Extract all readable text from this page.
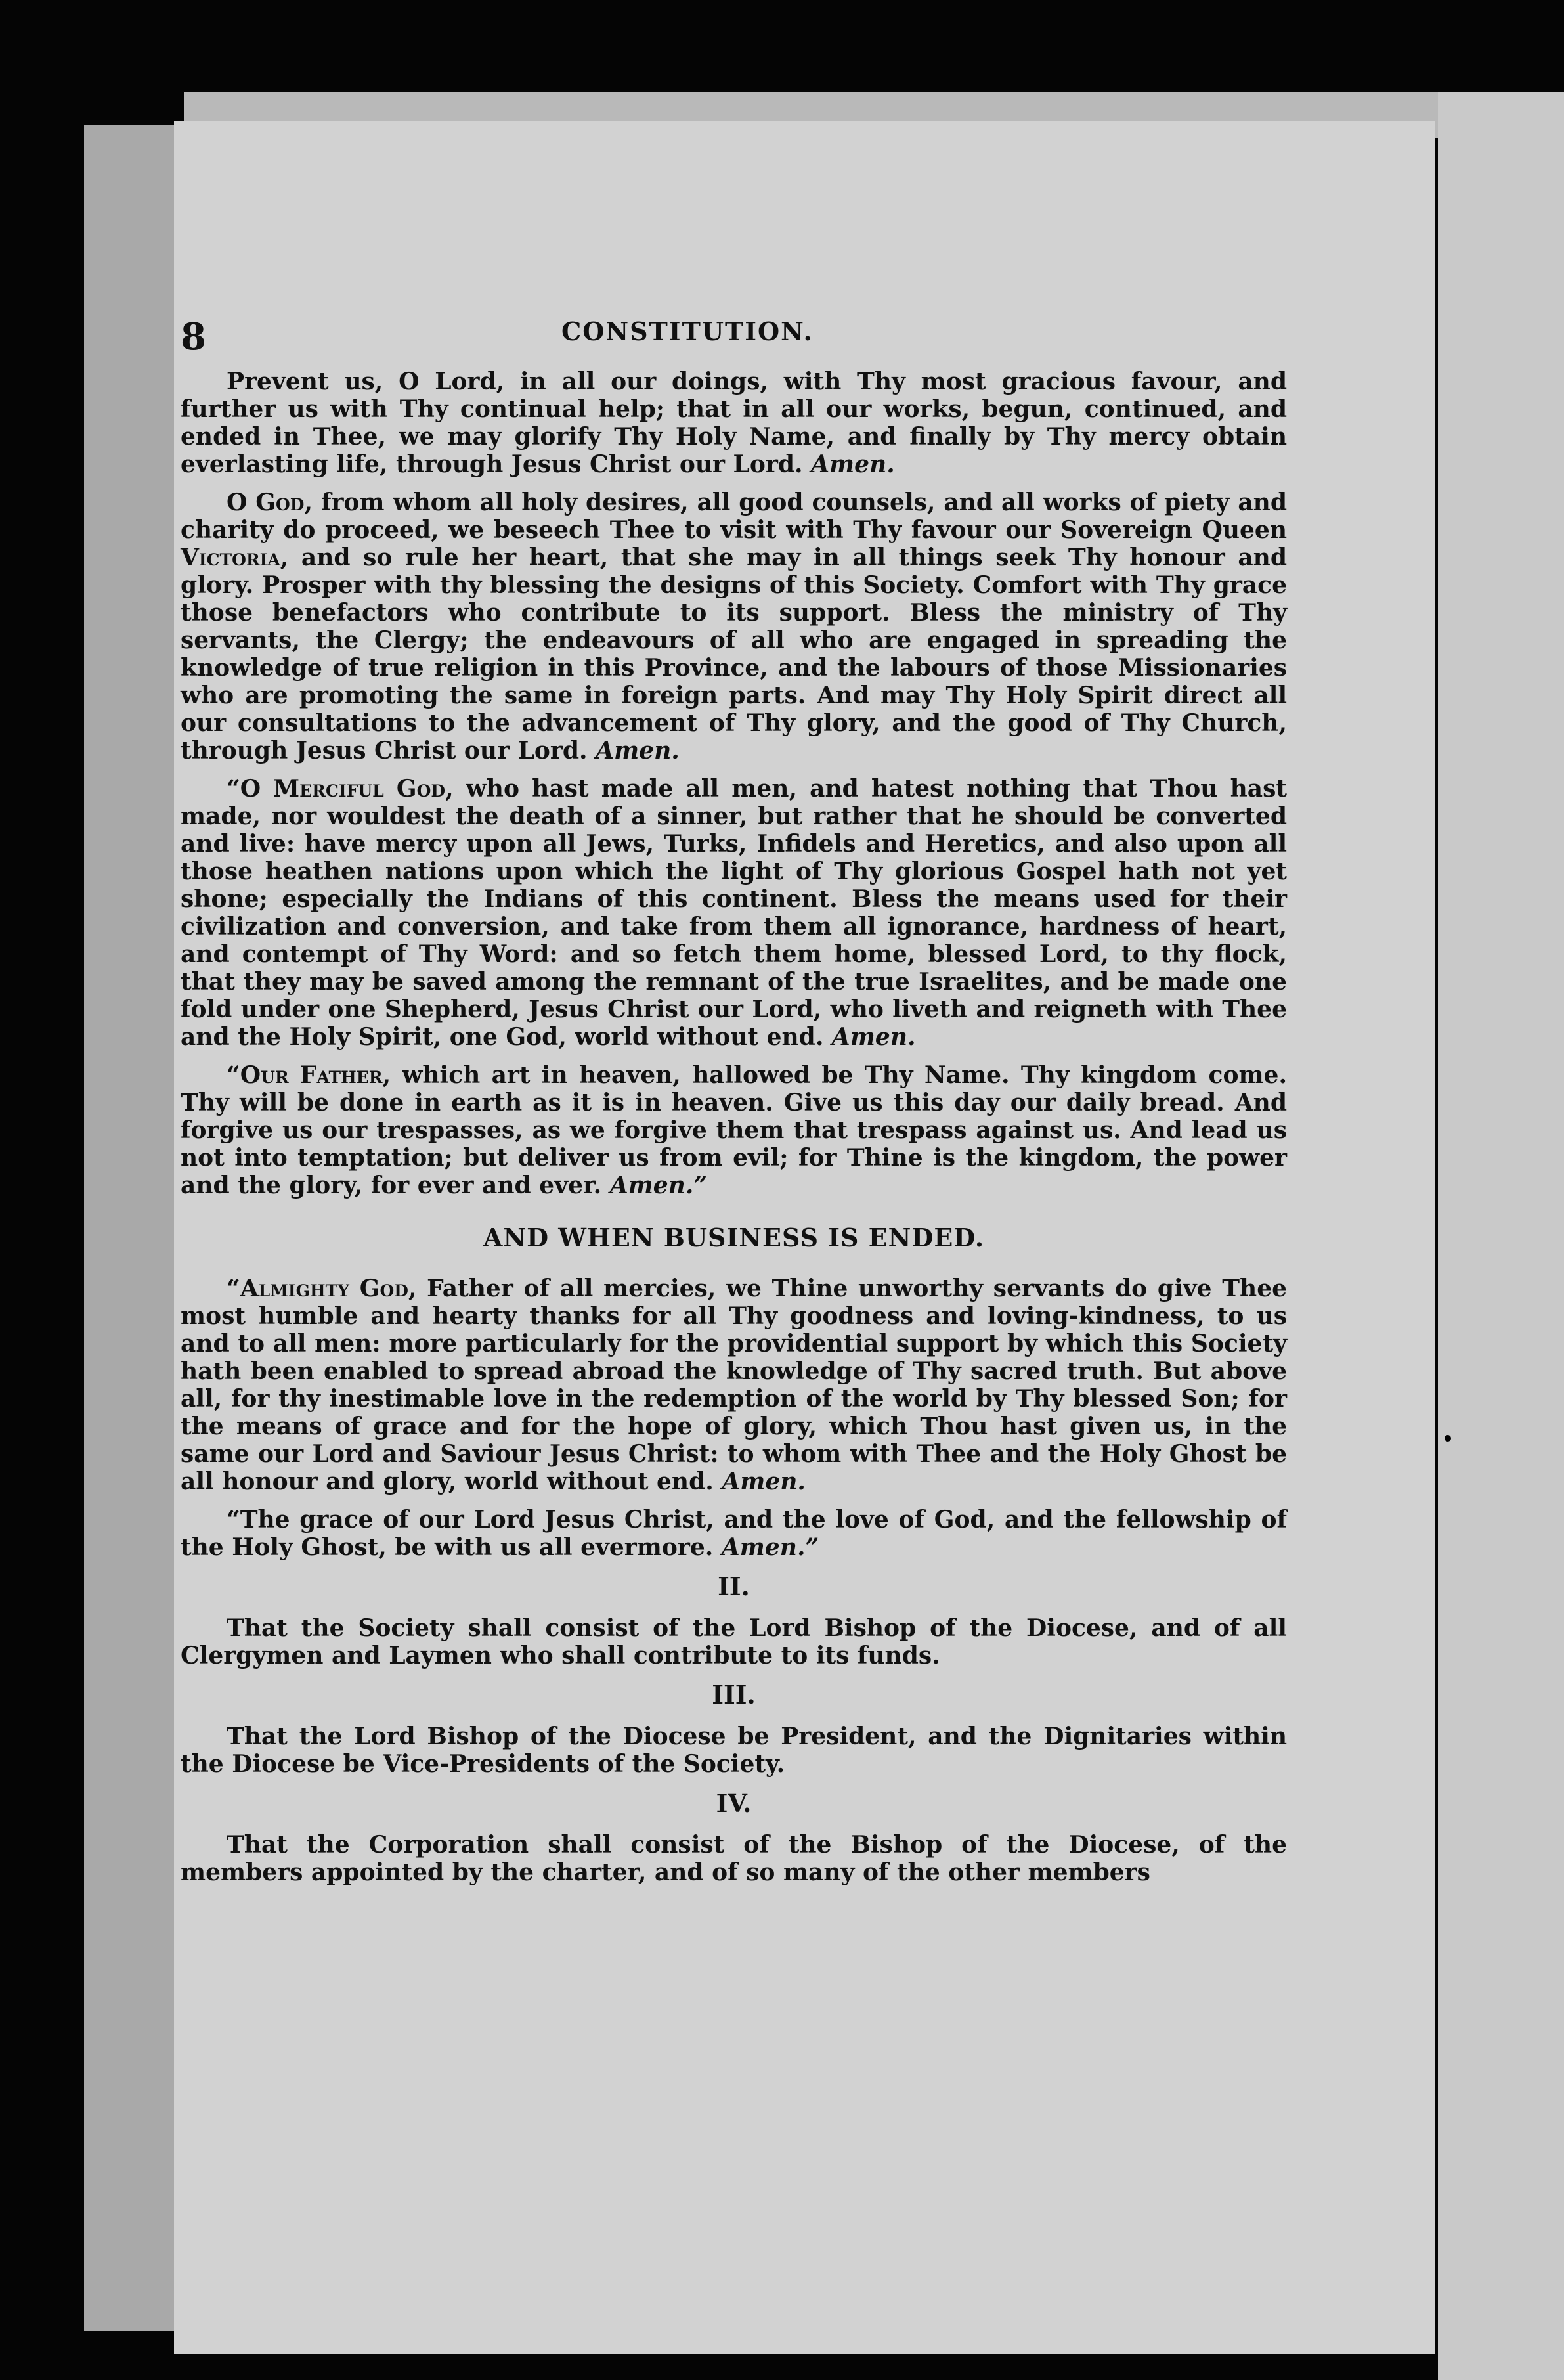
8	CONSTITUTION.

Prevent us, O Lord, in all our doings, with Thy most gracious favour, and further us with Thy continual help; that in all our works, begun, continued, and ended in Thee, we may glorify Thy Holy Name, and finally by Thy mercy obtain everlasting life, through Jesus Christ our Lord. Amen.

O God, from whom all holy desires, all good counsels, and all works of piety and charity do proceed, we beseech Thee to visit with Thy favour our Sovereign Queen Victoria, and so rule her heart, that she may in all things seek Thy honour and glory. Prosper with thy blessing the designs of this Society. Comfort with Thy grace those benefactors who contribute to its support. Bless the ministry of Thy servants, the Clergy; the endeavours of all who are engaged in spreading the knowledge of true religion in this Province, and the labours of those Missionaries who are promoting the same in foreign parts. And may Thy Holy Spirit direct all our consultations to the advancement of Thy glory, and the good of Thy Church, through Jesus Christ our Lord. Amen.

“O Merciful God, who hast made all men, and hatest nothing that Thou hast made, nor wouldest the death of a sinner, but rather that he should be converted and live: have mercy upon all Jews, Turks, Infidels and Heretics, and also upon all those heathen nations upon which the light of Thy glorious Gospel hath not yet shone; especially the Indians of this continent. Bless the means used for their civilization and conversion, and take from them all ignorance, hardness of heart, and contempt of Thy Word: and so fetch them home, blessed Lord, to thy flock, that they may be saved among the remnant of the true Israelites, and be made one fold under one Shepherd, Jesus Christ our Lord, who liveth and reigneth with Thee and the Holy Spirit, one God, world without end. Amen.

“Our Father, which art in heaven, hallowed be Thy Name. Thy kingdom come. Thy will be done in earth as it is in heaven. Give us this day our daily bread. And forgive us our trespasses, as we forgive them that trespass against us. And lead us not into temptation; but deliver us from evil; for Thine is the kingdom, the power and the glory, for ever and ever. Amen.”

AND WHEN BUSINESS IS ENDED.

“Almighty God, Father of all mercies, we Thine unworthy servants do give Thee most humble and hearty thanks for all Thy goodness and loving-kindness, to us and to all men: more particularly for the providential support by which this Society hath been enabled to spread abroad the knowledge of Thy sacred truth. But above all, for thy inestimable love in the redemption of the world by Thy blessed Son; for the means of grace and for the hope of glory, which Thou hast given us, in the same our Lord and Saviour Jesus Christ: to whom with Thee and the Holy Ghost be all honour and glory, world without end. Amen.

“The grace of our Lord Jesus Christ, and the love of God, and the fellowship of the Holy Ghost, be with us all evermore. Amen.”

II.

That the Society shall consist of the Lord Bishop of the Diocese, and of all Clergymen and Laymen who shall contribute to its funds.

III.

That the Lord Bishop of the Diocese be President, and the Dignitaries within the Diocese be Vice-Presidents of the Society.

IV.

That the Corporation shall consist of the Bishop of the Diocese, of the members appointed by the charter, and of so many of the other members
